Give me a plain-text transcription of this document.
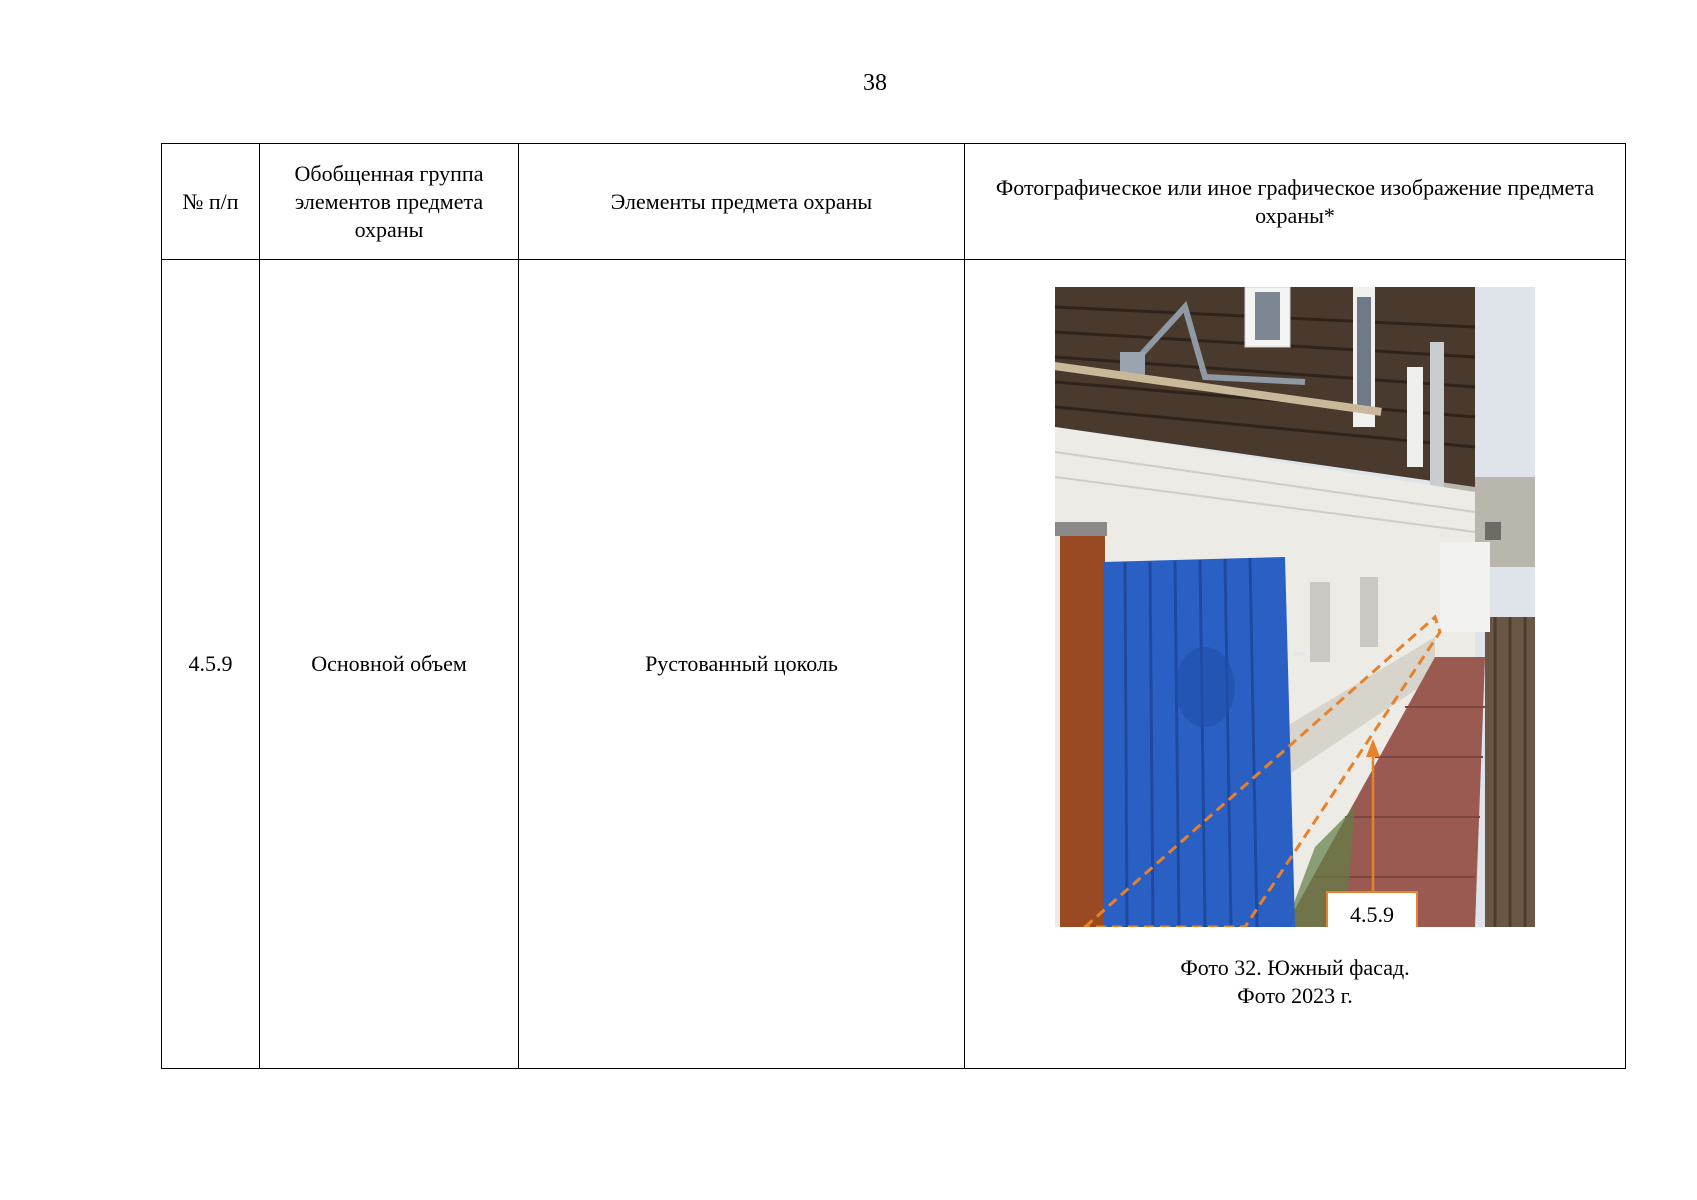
38
№ п/п	Обобщенная группа элементов предмета охраны	Элементы предмета охраны	Фотографическое или иное графическое изображение предмета охраны*
4.5.9	Основной объем	Рустованный цоколь	4.5.9
Фото 32. Южный фасад.
Фото 2023 г.
